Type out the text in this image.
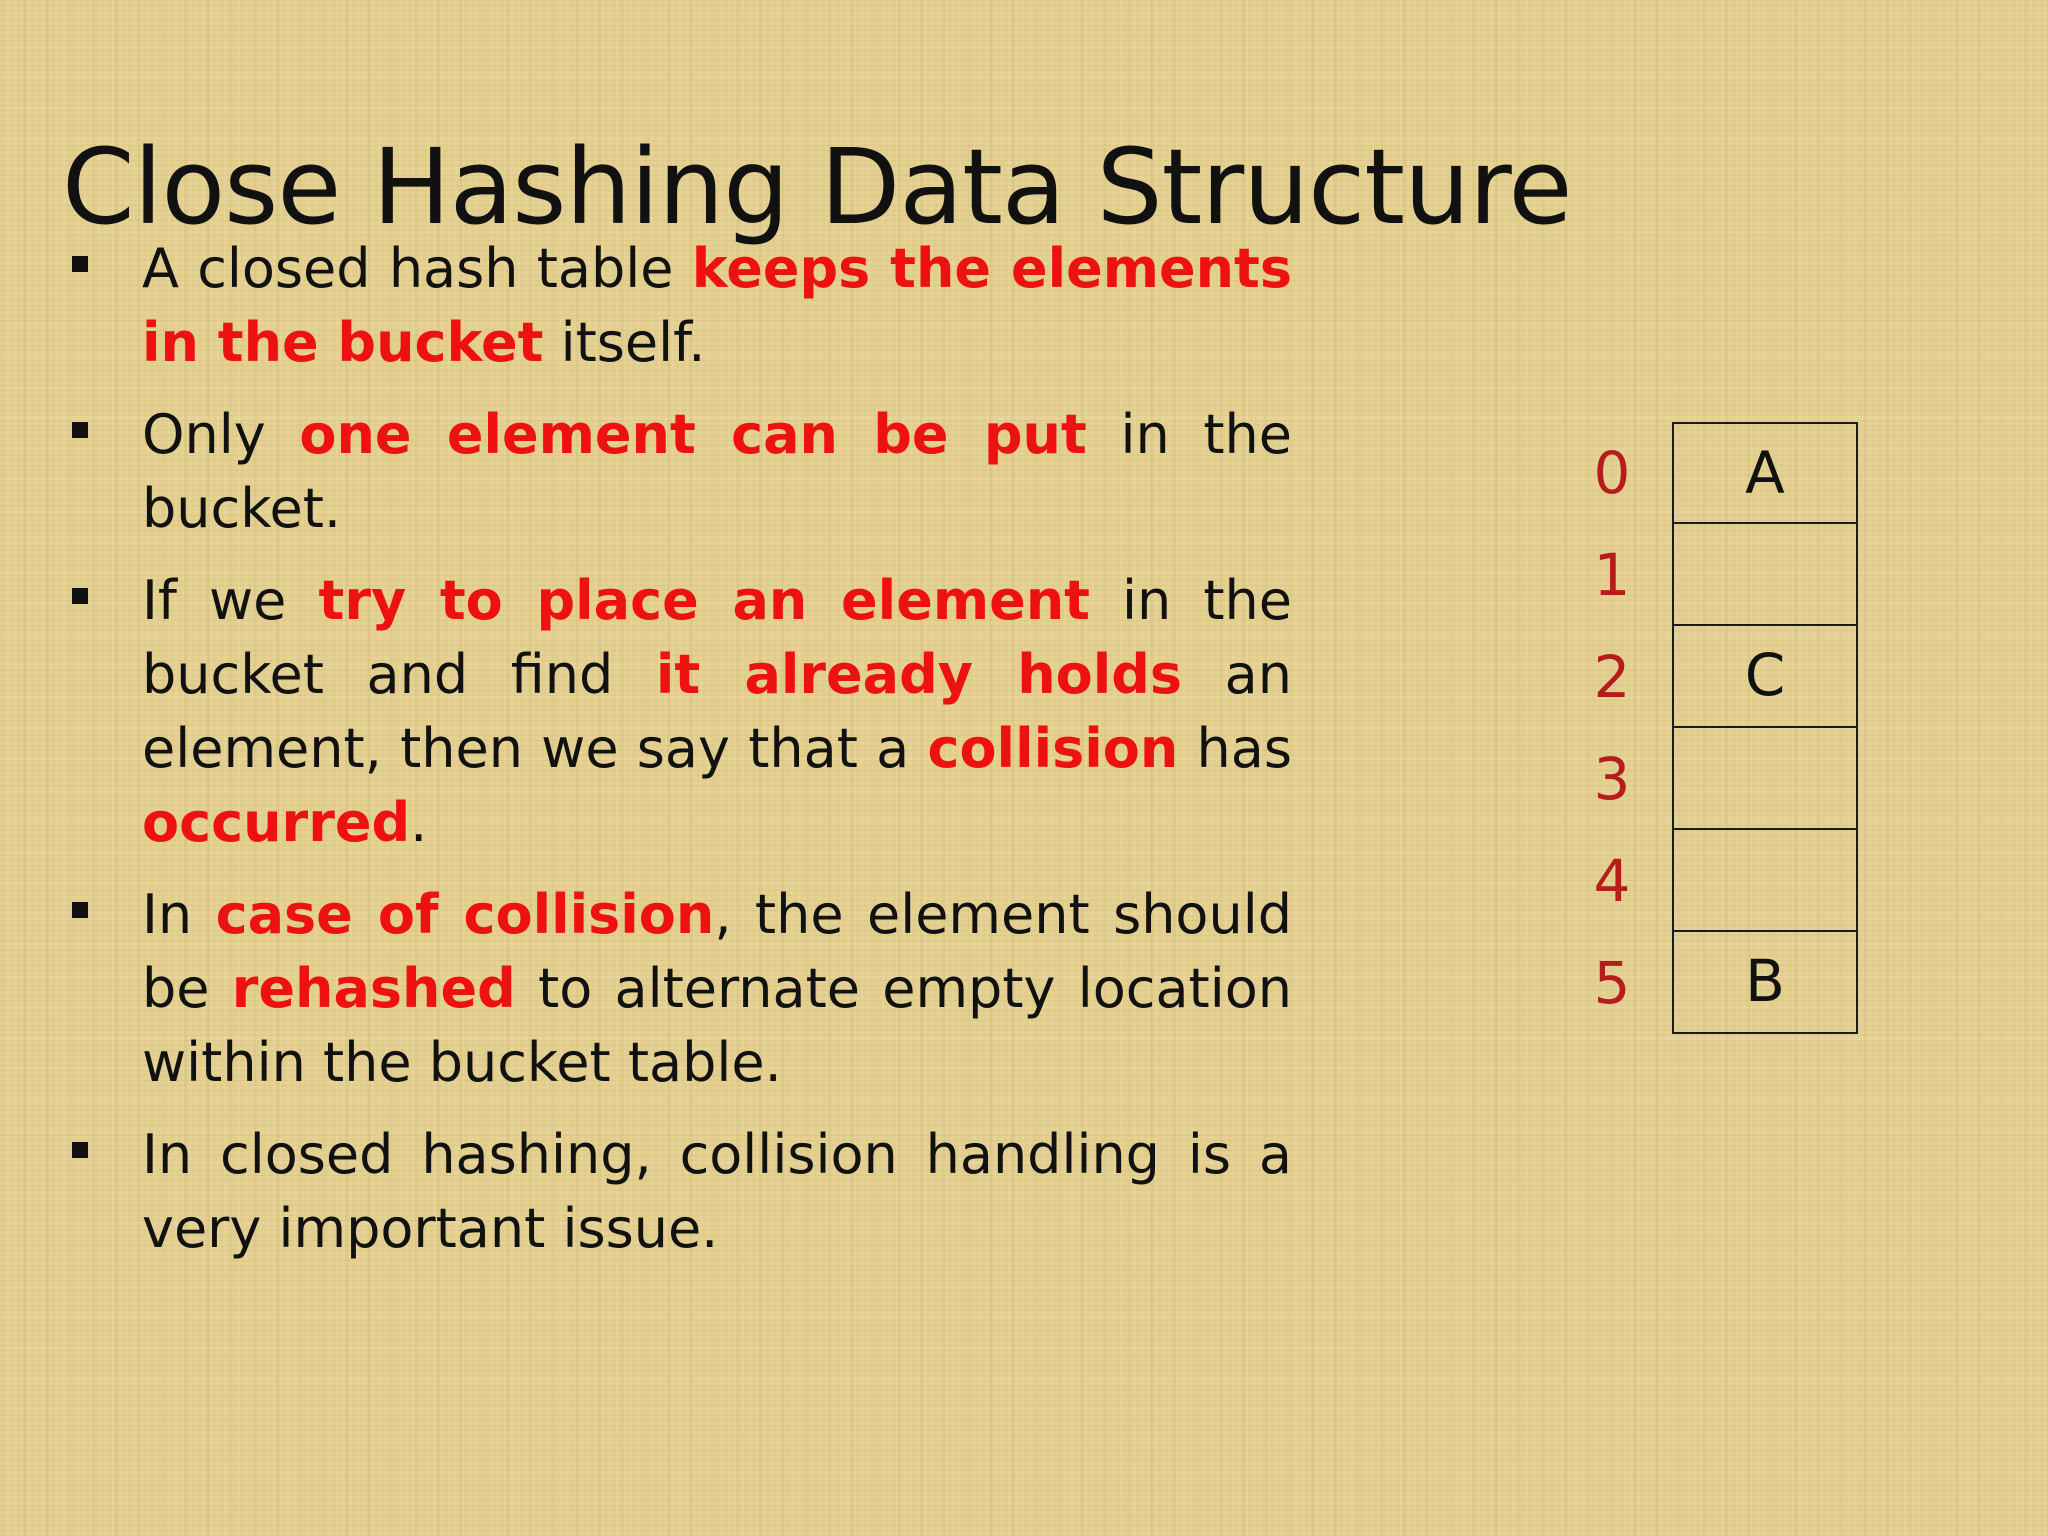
Close Hashing Data Structure
A closed hash table keeps the elements in the bucket itself.
Only one element can be put in the bucket.
If we try to place an element in the bucket and find it already holds an element, then we say that a collision has occurred.
In case of collision, the element should be rehashed to alternate empty location within the bucket table.
In closed hashing, collision handling is a very important issue.
0	A
1
2	C
3
4
5	B
